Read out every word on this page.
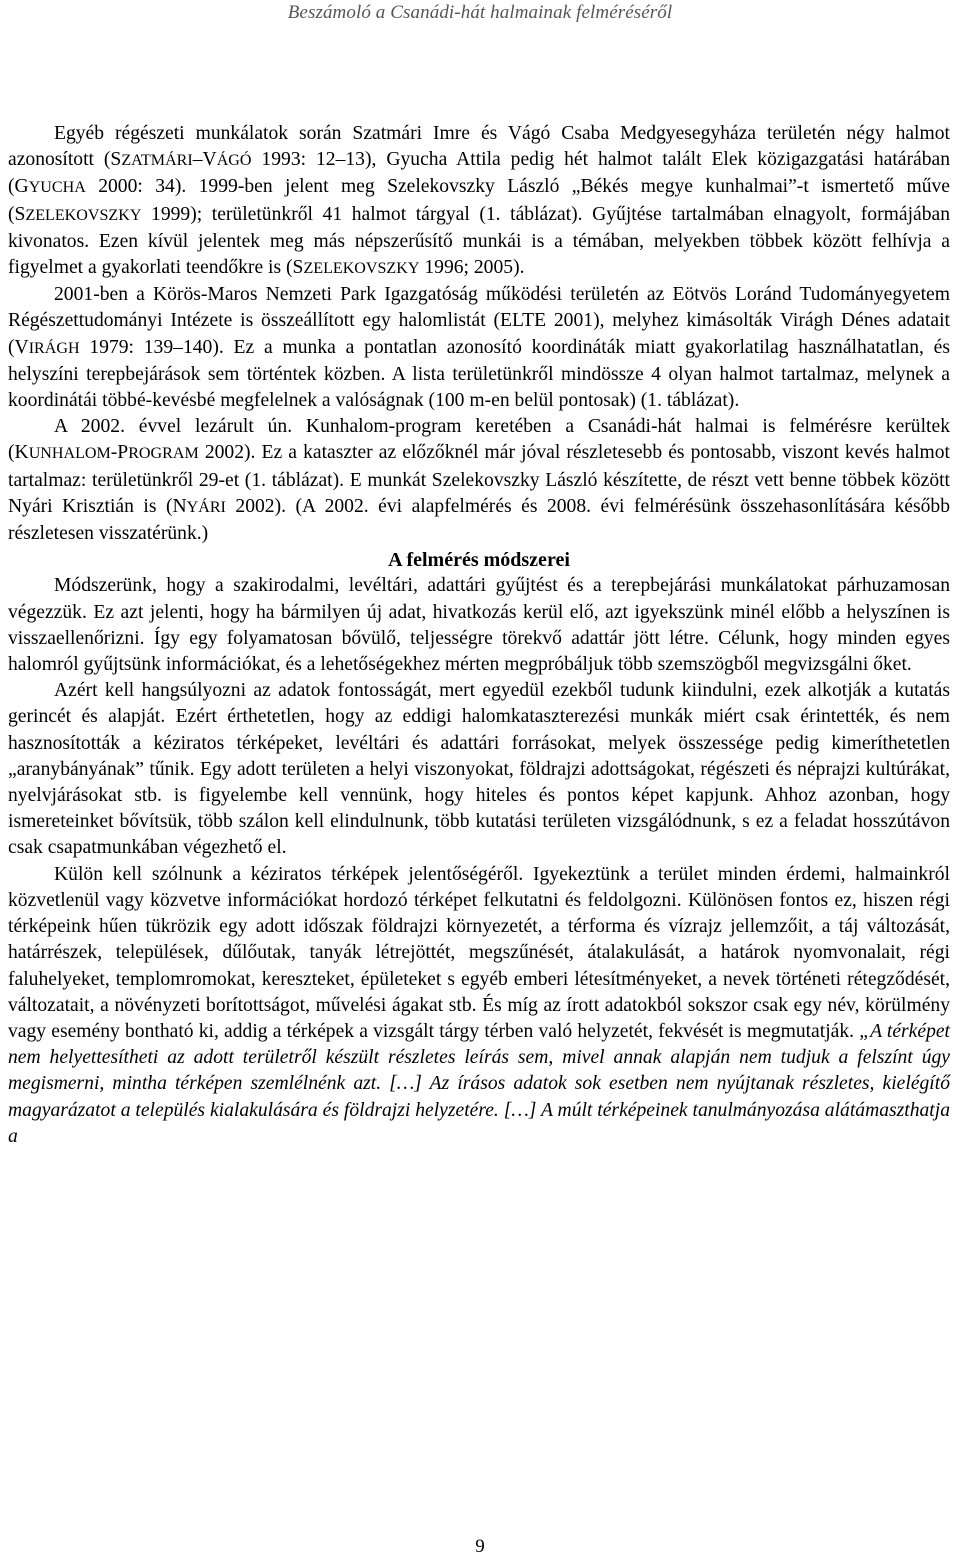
Beszámoló a Csanádi-hát halmainak felméréséről

Egyéb régészeti munkálatok során Szatmári Imre és Vágó Csaba Medgyesegyháza területén négy halmot azonosított (SZATMÁRI–VÁGÓ 1993: 12–13), Gyucha Attila pedig hét halmot talált Elek közigazgatási határában (GYUCHA 2000: 34). 1999-ben jelent meg Szelekovszky László „Békés megye kunhalmai”-t ismertető műve (SZELEKOVSZKY 1999); területünkről 41 halmot tárgyal (1. táblázat). Gyűjtése tartalmában elnagyolt, formájában kivonatos. Ezen kívül jelentek meg más népszerűsítő munkái is a témában, melyekben többek között felhívja a figyelmet a gyakorlati teendőkre is (SZELEKOVSZKY 1996; 2005).

2001-ben a Körös-Maros Nemzeti Park Igazgatóság működési területén az Eötvös Loránd Tudományegyetem Régészettudományi Intézete is összeállított egy halomlistát (ELTE 2001), melyhez kimásolták Virágh Dénes adatait (VIRÁGH 1979: 139–140). Ez a munka a pontatlan azonosító koordináták miatt gyakorlatilag használhatatlan, és helyszíni terepbejárások sem történtek közben. A lista területünkről mindössze 4 olyan halmot tartalmaz, melynek a koordinátái többé-kevésbé megfelelnek a valóságnak (100 m-en belül pontosak) (1. táblázat).

A 2002. évvel lezárult ún. Kunhalom-program keretében a Csanádi-hát halmai is felmérésre kerültek (KUNHALOM-PROGRAM 2002). Ez a kataszter az előzőknél már jóval részletesebb és pontosabb, viszont kevés halmot tartalmaz: területünkről 29-et (1. táblázat). E munkát Szelekovszky László készítette, de részt vett benne többek között Nyári Krisztián is (NYÁRI 2002). (A 2002. évi alapfelmérés és 2008. évi felmérésünk összehasonlítására később részletesen visszatérünk.)

A felmérés módszerei

Módszerünk, hogy a szakirodalmi, levéltári, adattári gyűjtést és a terepbejárási munkálatokat párhuzamosan végezzük. Ez azt jelenti, hogy ha bármilyen új adat, hivatkozás kerül elő, azt igyekszünk minél előbb a helyszínen is visszaellenőrizni. Így egy folyamatosan bővülő, teljességre törekvő adattár jött létre. Célunk, hogy minden egyes halomról gyűjtsünk információkat, és a lehetőségekhez mérten megpróbáljuk több szemszögből megvizsgálni őket.

Azért kell hangsúlyozni az adatok fontosságát, mert egyedül ezekből tudunk kiindulni, ezek alkotják a kutatás gerincét és alapját. Ezért érthetetlen, hogy az eddigi halomkataszterezési munkák miért csak érintették, és nem hasznosították a kéziratos térképeket, levéltári és adattári forrásokat, melyek összessége pedig kimeríthetetlen „aranybányának” tűnik. Egy adott területen a helyi viszonyokat, földrajzi adottságokat, régészeti és néprajzi kultúrákat, nyelvjárásokat stb. is figyelembe kell vennünk, hogy hiteles és pontos képet kapjunk. Ahhoz azonban, hogy ismereteinket bővítsük, több szálon kell elindulnunk, több kutatási területen vizsgálódnunk, s ez a feladat hosszútávon csak csapatmunkában végezhető el.

Külön kell szólnunk a kéziratos térképek jelentőségéről. Igyekeztünk a terület minden érdemi, halmainkról közvetlenül vagy közvetve információkat hordozó térképet felkutatni és feldolgozni. Különösen fontos ez, hiszen régi térképeink hűen tükrözik egy adott időszak földrajzi környezetét, a térforma és vízrajz jellemzőit, a táj változását, határrészek, települések, dűlőutak, tanyák létrejöttét, megszűnését, átalakulását, a határok nyomvonalait, régi faluhelyeket, templomromokat, kereszteket, épületeket s egyéb emberi létesítményeket, a nevek történeti rétegződését, változatait, a növényzeti borítottságot, művelési ágakat stb. És míg az írott adatokból sokszor csak egy név, körülmény vagy esemény bontható ki, addig a térképek a vizsgált tárgy térben való helyzetét, fekvését is megmutatják. „A térképet nem helyettesítheti az adott területről készült részletes leírás sem, mivel annak alapján nem tudjuk a felszínt úgy megismerni, mintha térképen szemlélnénk azt. […] Az írásos adatok sok esetben nem nyújtanak részletes, kielégítő magyarázatot a település kialakulására és földrajzi helyzetére. […] A múlt térképeinek tanulmányozása alátámaszthatja a

9
